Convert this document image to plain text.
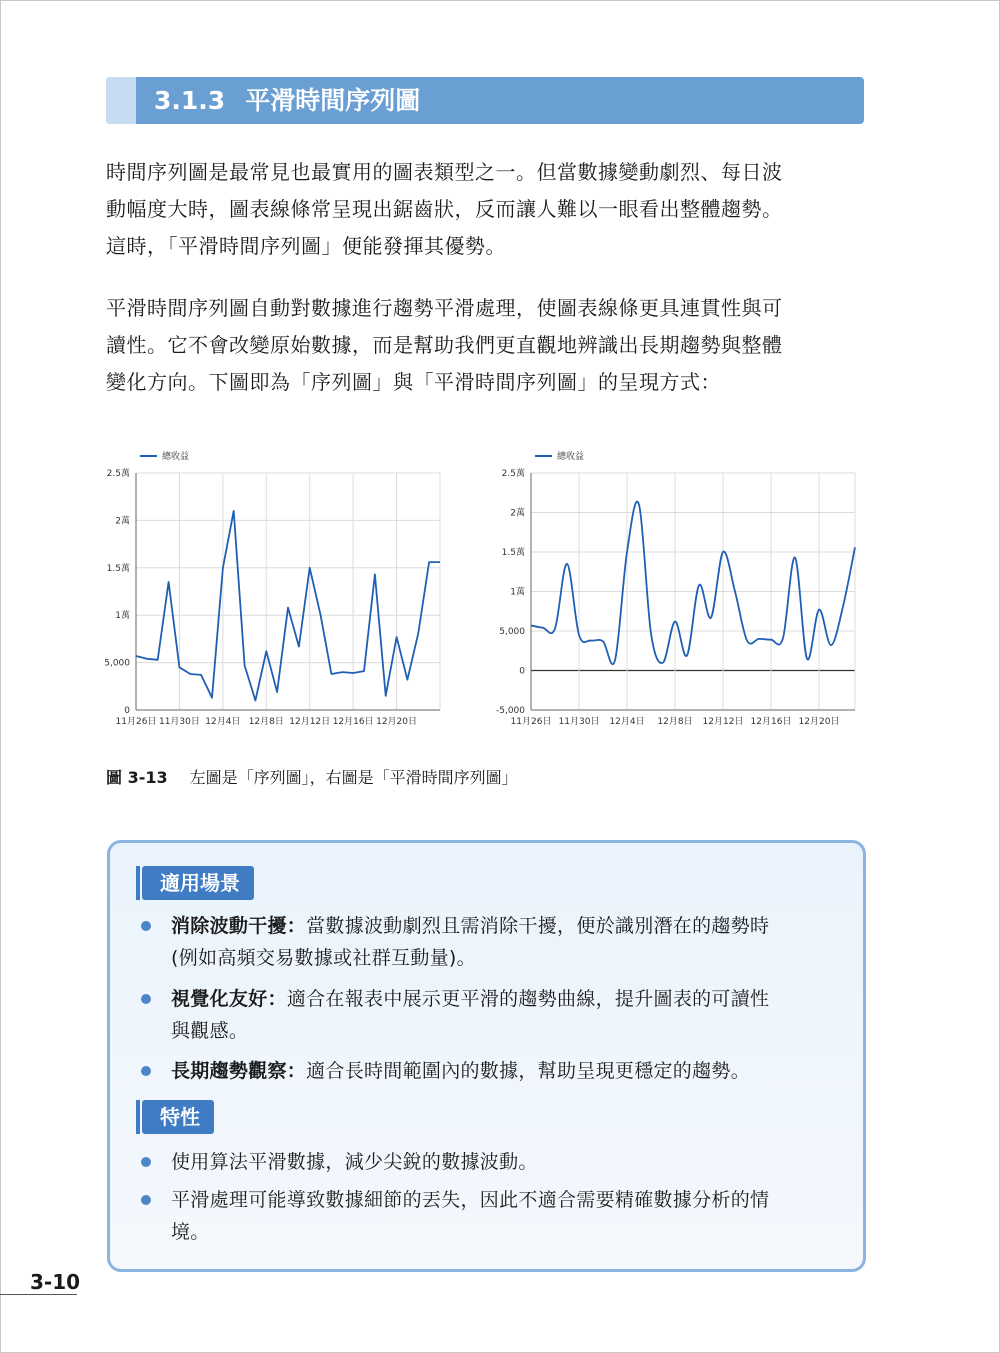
3.1.3 平滑時間序列圖
時間序列圖是最常見也最實用的圖表類型之一。但當數據變動劇烈、每日波
動幅度大時，圖表線條常呈現出鋸齒狀，反而讓人難以一眼看出整體趨勢。
這時，「平滑時間序列圖」便能發揮其優勢。
平滑時間序列圖自動對數據進行趨勢平滑處理，使圖表線條更具連貫性與可
讀性。它不會改變原始數據，而是幫助我們更直觀地辨識出長期趨勢與整體
變化方向。下圖即為「序列圖」與「平滑時間序列圖」的呈現方式：
總收益
0
5,000
1萬
1.5萬
2萬
2.5萬
11月26日 11月30日 12月4日 12月8日 12月12日 12月16日 12月20日
總收益
-5,000
0
5,000
1萬
1.5萬
2萬
2.5萬
11月26日 11月30日 12月4日 12月8日 12月12日 12月16日 12月20日
圖 3-13 左圖是「序列圖」，右圖是「平滑時間序列圖」
適用場景
消除波動干擾：當數據波動劇烈且需消除干擾，便於識別潛在的趨勢時
(例如高頻交易數據或社群互動量)。
視覺化友好：適合在報表中展示更平滑的趨勢曲線，提升圖表的可讀性
與觀感。
長期趨勢觀察：適合長時間範圍內的數據，幫助呈現更穩定的趨勢。
特性
使用算法平滑數據，減少尖銳的數據波動。
平滑處理可能導致數據細節的丟失，因此不適合需要精確數據分析的情
境。
3-10
